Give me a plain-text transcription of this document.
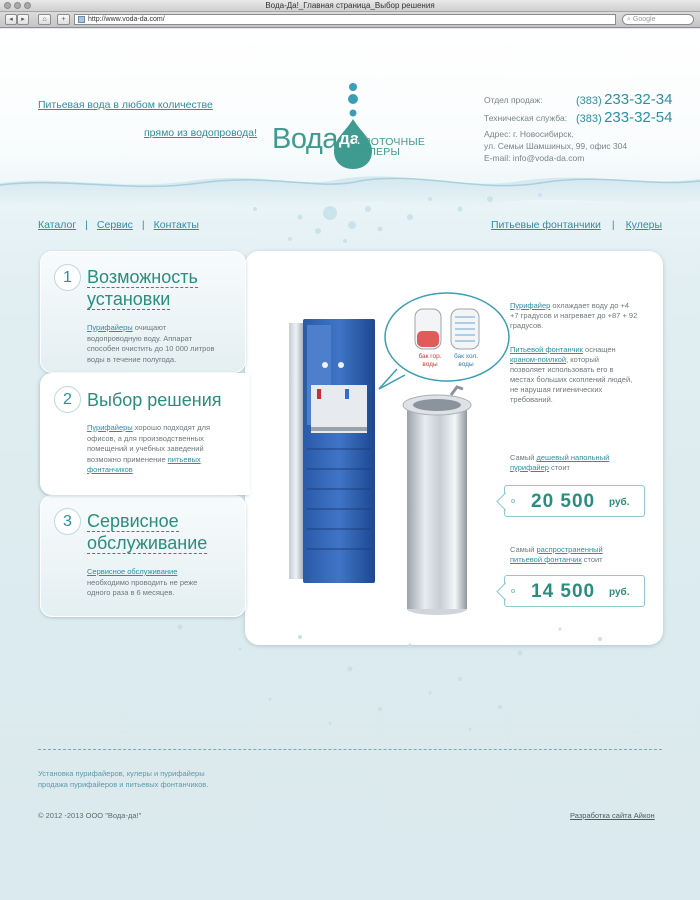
Вода-Да!_Главная страница_Выбор решения
◂	▸	⌂	+	http://www.voda-da.com/	⌕ Google
Питьевая вода в любом количестве
прямо из водопровода! Вода да
ПРОТОЧНЫЕ
КУЛЕРЫ
Отдел продаж:	(383) 233-32-34
Техническая служба: (383) 233-32-54
Адрес: г. Новосибирск,
ул. Семьи Шамшиных, 99, офис 304
E-mail: info@voda-da.com
Каталог | Сервис | Контакты	Питьевые фонтанчики | Кулеры
бак гор. воды
бак хол. воды
Пурифайер охлаждает воду до +4
+7 градусов и нагревает до +87 + 92
градусов.
Питьевой фонтанчик оснащен
краном-поилкой, который
позволяет использовать его в
местах больших скоплений людей,
не нарушая гигиенических
требований.
Самый дешевый напольный
пурифайер стоит
20 500 руб.
Самый распространенный
питьевой фонтанчик стоит
14 500 руб.
1 Возможность
установки
Пурифайеры очищают
водопроводную воду. Аппарат
способен очистить до 10 000 литров
воды в течение полугода.
2 Выбор решения
Пурифайеры хорошо подходят для
офисов, а для производственных
помещений и учебных заведений
возможно применение питьевых
фонтанчиков
3 Сервисное
обслуживание
Сервисное обслуживание
необходимо проводить не реже
одного раза в 6 месяцев.
Установка пурифайеров, кулеры и пурифайеры
продажа пурифайеров и питьевых фонтанчиков.
© 2012 -2013 ООО "Вода-да!"	Разработка сайта Айкон
